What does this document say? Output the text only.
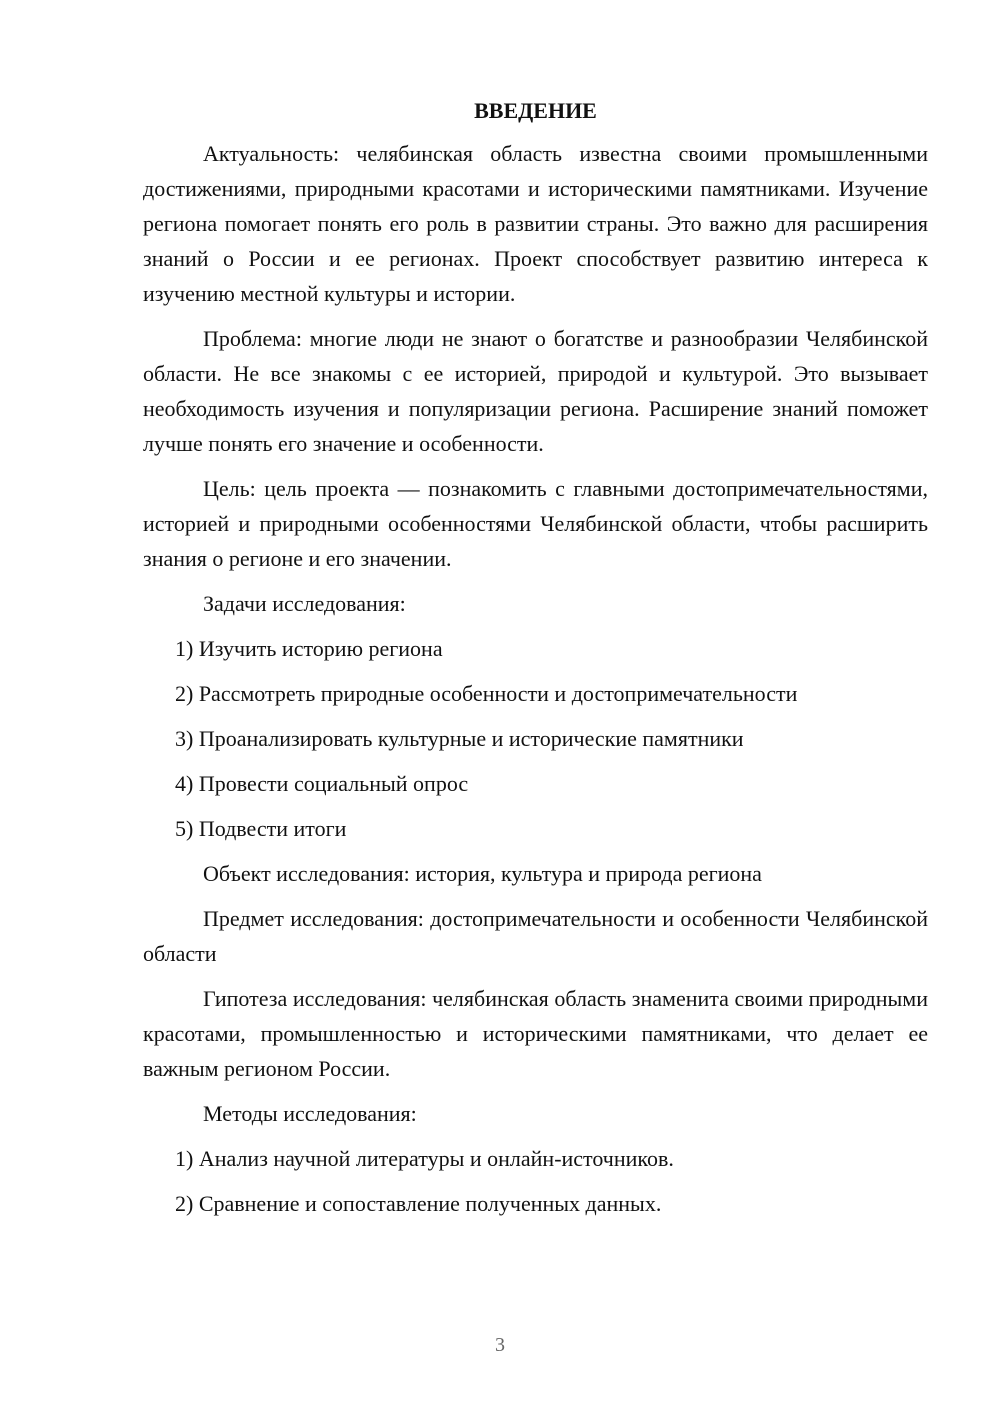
ВВЕДЕНИЕ

Актуальность: челябинская область известна своими промышленными достижениями, природными красотами и историческими памятниками. Изучение региона помогает понять его роль в развитии страны. Это важно для расширения знаний о России и ее регионах. Проект способствует развитию интереса к изучению местной культуры и истории.

Проблема: многие люди не знают о богатстве и разнообразии Челябинской области. Не все знакомы с ее историей, природой и культурой. Это вызывает необходимость изучения и популяризации региона. Расширение знаний поможет лучше понять его значение и особенности.

Цель: цель проекта — познакомить с главными достопримечательностями, историей и природными особенностями Челябинской области, чтобы расширить знания о регионе и его значении.

Задачи исследования:

1) Изучить историю региона
2) Рассмотреть природные особенности и достопримечательности
3) Проанализировать культурные и исторические памятники
4) Провести социальный опрос
5) Подвести итоги

Объект исследования: история, культура и природа региона

Предмет исследования: достопримечательности и особенности Челябинской области

Гипотеза исследования: челябинская область знаменита своими природными красотами, промышленностью и историческими памятниками, что делает ее важным регионом России.

Методы исследования:

1) Анализ научной литературы и онлайн-источников.
2) Сравнение и сопоставление полученных данных.
3
